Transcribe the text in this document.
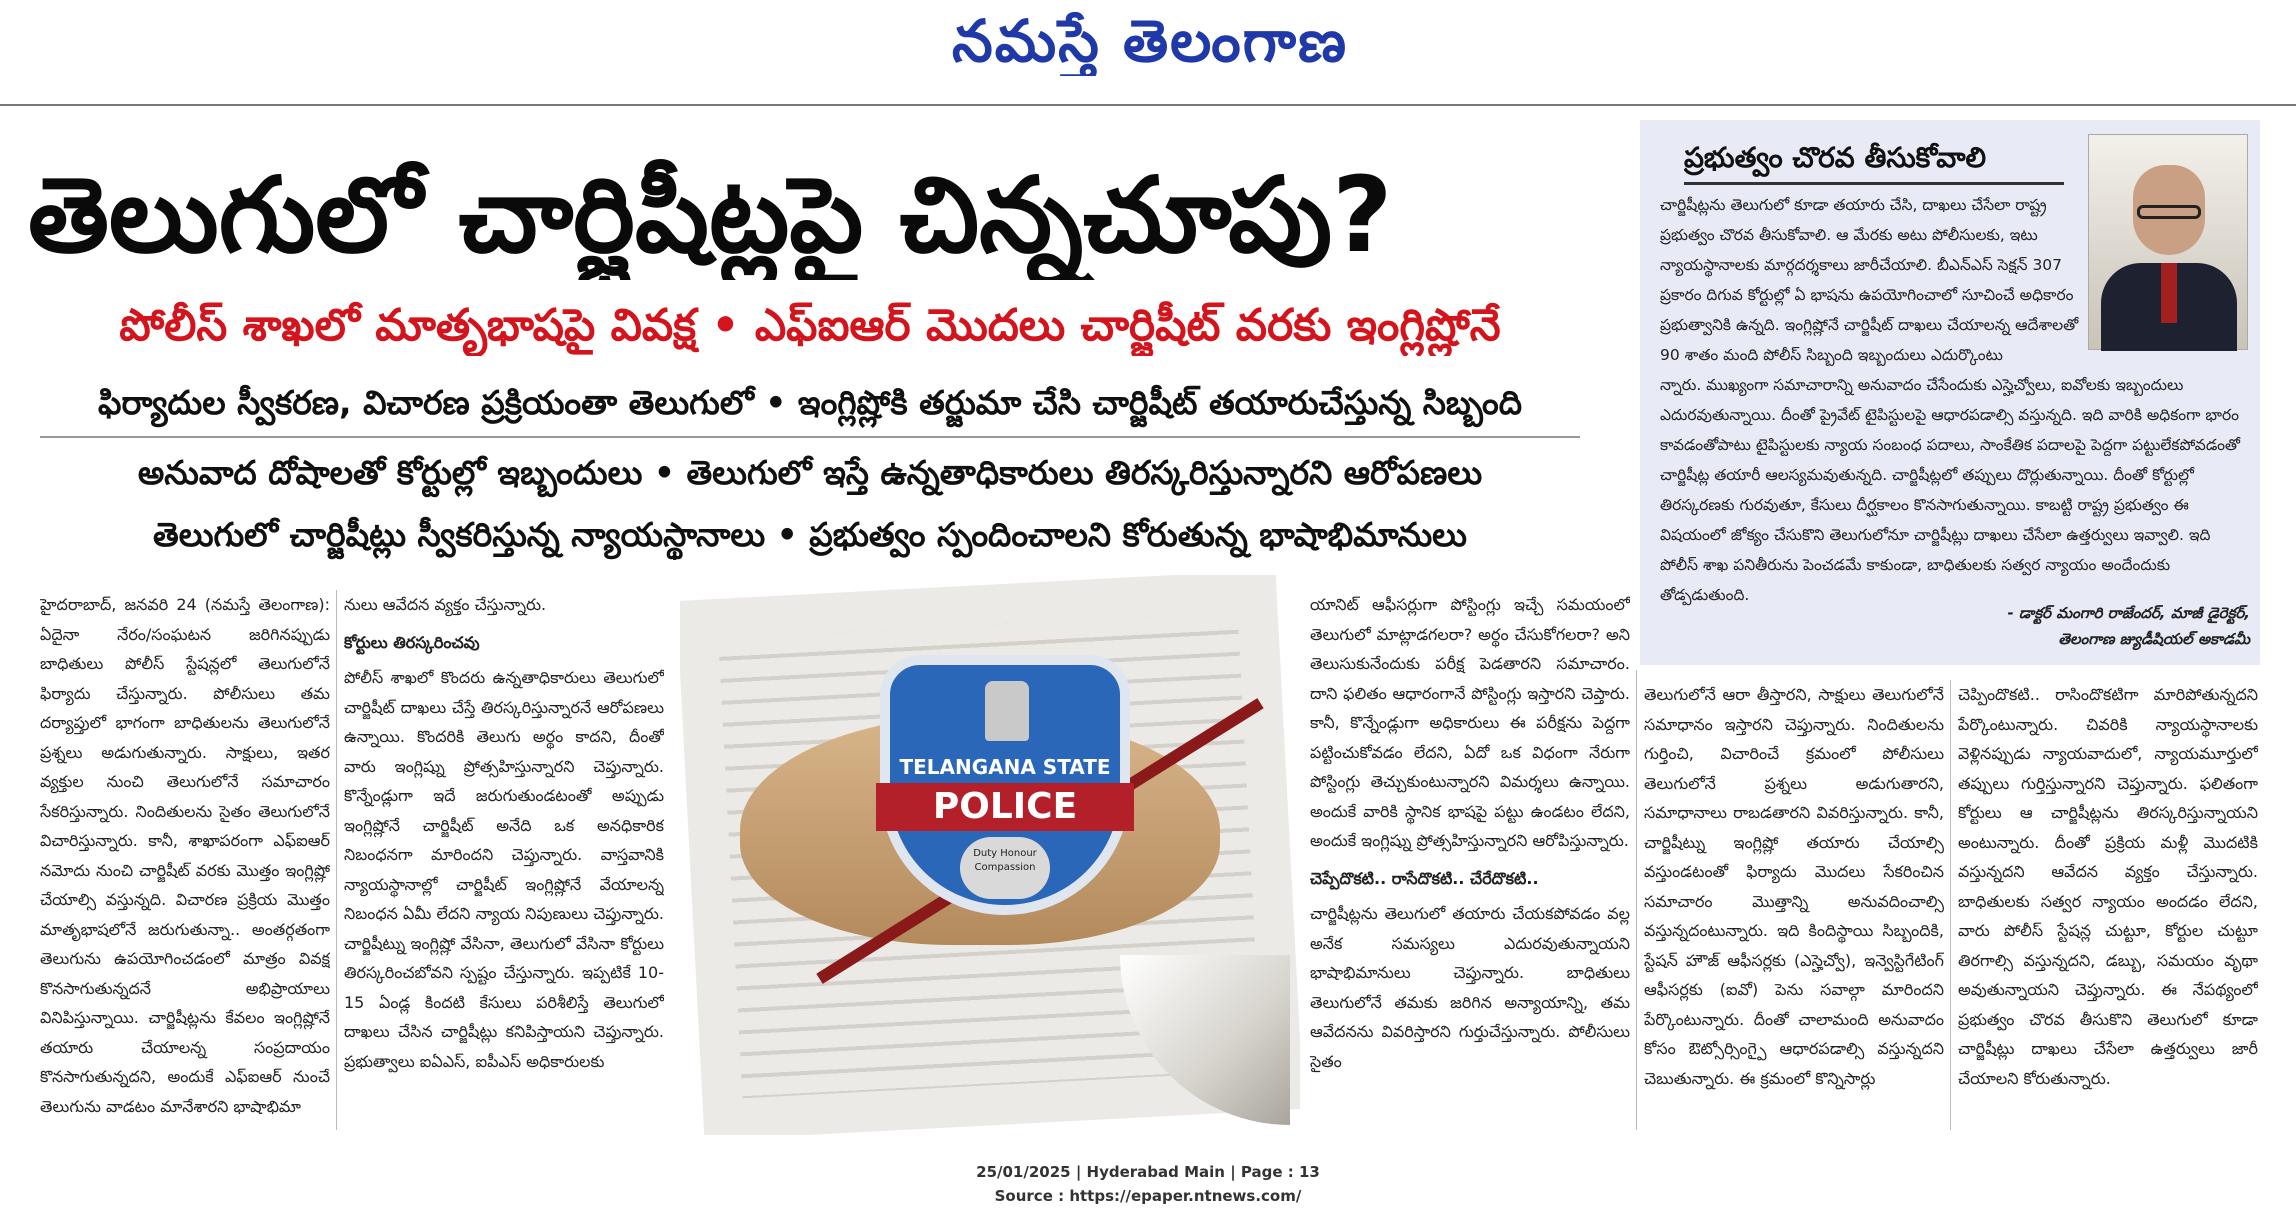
నమస్తే తెలంగాణ
తెలుగులో చార్జిషీట్లపై చిన్నచూపు?
పోలీస్ శాఖలో మాతృభాషపై వివక్ష • ఎఫ్ఐఆర్ మొదలు చార్జిషీట్ వరకు ఇంగ్లిష్లోనే
ఫిర్యాదుల స్వీకరణ, విచారణ ప్రక్రియంతా తెలుగులో • ఇంగ్లిష్లోకి తర్జుమా చేసి చార్జిషీట్ తయారుచేస్తున్న సిబ్బంది
అనువాద దోషాలతో కోర్టుల్లో ఇబ్బందులు • తెలుగులో ఇస్తే ఉన్నతాధికారులు తిరస్కరిస్తున్నారని ఆరోపణలు
తెలుగులో చార్జిషీట్లు స్వీకరిస్తున్న న్యాయస్థానాలు • ప్రభుత్వం స్పందించాలని కోరుతున్న భాషాభిమానులు
ప్రభుత్వం చొరవ తీసుకోవాలి
చార్జిషీట్లను తెలుగులో కూడా తయారు చేసి, దాఖలు చేసేలా రాష్ట్ర ప్రభుత్వం చొరవ తీసుకోవాలి. ఆ మేరకు అటు పోలీసులకు, ఇటు న్యాయస్థానాలకు మార్గదర్శకాలు జారీచేయాలి. బీఎన్ఎస్ సెక్షన్ 307 ప్రకారం దిగువ కోర్టుల్లో ఏ భాషను ఉపయోగించాలో సూచించే అధికారం ప్రభుత్వానికి ఉన్నది. ఇంగ్లిష్లోనే చార్జిషీట్ దాఖలు చేయాలన్న ఆదేశాలతో 90 శాతం మంది పోలీస్ సిబ్బంది ఇబ్బందులు ఎదుర్కొంటు
న్నారు. ముఖ్యంగా సమాచారాన్ని అనువాదం చేసేందుకు ఎస్హెచ్వోలు, ఐవోలకు ఇబ్బందులు ఎదురవుతున్నాయి. దీంతో ప్రైవేట్ టైపిస్టులపై ఆధారపడాల్సి వస్తున్నది. ఇది వారికి అధికంగా భారం కావడంతోపాటు టైపిస్టులకు న్యాయ సంబంధ పదాలు, సాంకేతిక పదాలపై పెద్దగా పట్టులేకపోవడంతో చార్జిషీట్ల తయారీ ఆలస్యమవుతున్నది. చార్జిషీట్లలో తప్పులు దొర్లుతున్నాయి. దీంతో కోర్టుల్లో తిరస్కరణకు గురవుతూ, కేసులు దీర్ఘకాలం కొనసాగుతున్నాయి. కాబట్టి రాష్ట్ర ప్రభుత్వం ఈ విషయంలో జోక్యం చేసుకొని తెలుగులోనూ చార్జిషీట్లు దాఖలు చేసేలా ఉత్తర్వులు ఇవ్వాలి. ఇది పోలీస్ శాఖ పనితీరును పెంచడమే కాకుండా, బాధితులకు సత్వర న్యాయం అందేందుకు తోడ్పడుతుంది.
- డాక్టర్ మంగారి రాజేందర్, మాజీ డైరెక్టర్,
తెలంగాణ జ్యుడీషియల్ అకాడమీ
హైదరాబాద్, జనవరి 24 (నమస్తే తెలంగాణ): ఏదైనా నేరం/సంఘటన జరిగినప్పుడు బాధితులు పోలీస్ స్టేషన్లలో తెలుగులోనే ఫిర్యాదు చేస్తున్నారు. పోలీసులు తమ దర్యాప్తులో భాగంగా బాధితులను తెలుగులోనే ప్రశ్నలు అడుగుతున్నారు. సాక్షులు, ఇతర వ్యక్తుల నుంచి తెలుగులోనే సమాచారం సేకరిస్తున్నారు. నిందితులను సైతం తెలుగులోనే విచారిస్తున్నారు. కానీ, శాఖాపరంగా ఎఫ్ఐఆర్ నమోదు నుంచి చార్జిషీట్ వరకు మొత్తం ఇంగ్లిష్లో చేయాల్సి వస్తున్నది. విచారణ ప్రక్రియ మొత్తం మాతృభాషలోనే జరుగుతున్నా.. అంతర్గతంగా తెలుగును ఉపయోగించడంలో మాత్రం వివక్ష కొనసాగుతున్నదనే అభిప్రాయాలు వినిపిస్తున్నాయి. చార్జిషీట్లను కేవలం ఇంగ్లిష్లోనే తయారు చేయాలన్న సంప్రదాయం కొనసాగుతున్నదని, అందుకే ఎఫ్ఐఆర్ నుంచే తెలుగును వాడటం మానేశారని భాషాభిమా
నులు ఆవేదన వ్యక్తం చేస్తున్నారు.
కోర్టులు తిరస్కరించవు
పోలీస్ శాఖలో కొందరు ఉన్నతాధికారులు తెలుగులో చార్జిషీట్ దాఖలు చేస్తే తిరస్కరిస్తున్నారనే ఆరోపణలు ఉన్నాయి. కొందరికి తెలుగు అర్థం కాదని, దీంతో వారు ఇంగ్లిష్ను ప్రోత్సహిస్తున్నారని చెప్తున్నారు. కొన్నేండ్లుగా ఇదే జరుగుతుండటంతో అప్పుడు ఇంగ్లిష్లోనే చార్జిషీట్ అనేది ఒక అనధికారిక నిబంధనగా మారిందని చెప్తున్నారు. వాస్తవానికి న్యాయస్థానాల్లో చార్జిషీట్ ఇంగ్లిష్లోనే వేయాలన్న నిబంధన ఏమీ లేదని న్యాయ నిపుణులు చెప్తున్నారు. చార్జిషీట్ను ఇంగ్లిష్లో వేసినా, తెలుగులో వేసినా కోర్టులు తిరస్కరించబోవని స్పష్టం చేస్తున్నారు. ఇప్పటికే 10-15 ఏండ్ల కిందటి కేసులు పరిశీలిస్తే తెలుగులో దాఖలు చేసిన చార్జిషీట్లు కనిపిస్తాయని చెప్తున్నారు. ప్రభుత్వాలు ఐఏఎస్, ఐపీఎస్ అధికారులకు
TELANGANA STATE
POLICE
Duty Honour Compassion
యానిట్ ఆఫీసర్లుగా పోస్టింగ్లు ఇచ్చే సమయంలో తెలుగులో మాట్లాడగలరా? అర్థం చేసుకోగలరా? అని తెలుసుకునేందుకు పరీక్ష పెడతారని సమాచారం. దాని ఫలితం ఆధారంగానే పోస్టింగ్లు ఇస్తారని చెప్తారు. కానీ, కొన్నేండ్లుగా అధికారులు ఈ పరీక్షను పెద్దగా పట్టించుకోవడం లేదని, ఏదో ఒక విధంగా నేరుగా పోస్టింగ్లు తెచ్చుకుంటున్నారని విమర్శలు ఉన్నాయి. అందుకే వారికి స్థానిక భాషపై పట్టు ఉండటం లేదని, అందుకే ఇంగ్లిష్ను ప్రోత్సహిస్తున్నారని ఆరోపిస్తున్నారు.
చెప్పేదొకటి.. రాసేదొకటి.. చేరేదొకటి..
చార్జిషీట్లను తెలుగులో తయారు చేయకపోవడం వల్ల అనేక సమస్యలు ఎదురవుతున్నాయని భాషాభిమానులు చెప్తున్నారు. బాధితులు తెలుగులోనే తమకు జరిగిన అన్యాయాన్ని, తమ ఆవేదనను వివరిస్తారని గుర్తుచేస్తున్నారు. పోలీసులు సైతం
తెలుగులోనే ఆరా తీస్తారని, సాక్షులు తెలుగులోనే సమాధానం ఇస్తారని చెప్తున్నారు. నిందితులను గుర్తించి, విచారించే క్రమంలో పోలీసులు తెలుగులోనే ప్రశ్నలు అడుగుతారని, సమాధానాలు రాబడతారని వివరిస్తున్నారు. కానీ, చార్జిషీట్ను ఇంగ్లిష్లో తయారు చేయాల్సి వస్తుండటంతో ఫిర్యాదు మొదలు సేకరించిన సమాచారం మొత్తాన్ని అనువదించాల్సి వస్తున్నదంటున్నారు. ఇది కిందిస్థాయి సిబ్బందికి, స్టేషన్ హౌజ్ ఆఫీసర్లకు (ఎస్హెచ్వో), ఇన్వెస్టిగేటింగ్ ఆఫీసర్లకు (ఐవో) పెను సవాల్గా మారిందని పేర్కొంటున్నారు. దీంతో చాలామంది అనువాదం కోసం ఔట్సోర్సింగ్పై ఆధారపడాల్సి వస్తున్నదని చెబుతున్నారు. ఈ క్రమంలో కొన్నిసార్లు
చెప్పిందొకటి.. రాసిందొకటిగా మారిపోతున్నదని పేర్కొంటున్నారు. చివరికి న్యాయస్థానాలకు వెళ్లినప్పుడు న్యాయవాదులో, న్యాయమూర్తులో తప్పులు గుర్తిస్తున్నారని చెప్తున్నారు. ఫలితంగా కోర్టులు ఆ చార్జిషీట్లను తిరస్కరిస్తున్నాయని అంటున్నారు. దీంతో ప్రక్రియ మళ్లీ మొదటికి వస్తున్నదని ఆవేదన వ్యక్తం చేస్తున్నారు. బాధితులకు సత్వర న్యాయం అందడం లేదని, వారు పోలీస్ స్టేషన్ల చుట్టూ, కోర్టుల చుట్టూ తిరగాల్సి వస్తున్నదని, డబ్బు, సమయం వృథా అవుతున్నాయని చెప్తున్నారు. ఈ నేపథ్యంలో ప్రభుత్వం చొరవ తీసుకొని తెలుగులో కూడా చార్జిషీట్లు దాఖలు చేసేలా ఉత్తర్వులు జారీ చేయాలని కోరుతున్నారు.
25/01/2025 | Hyderabad Main | Page : 13
Source : https://epaper.ntnews.com/
